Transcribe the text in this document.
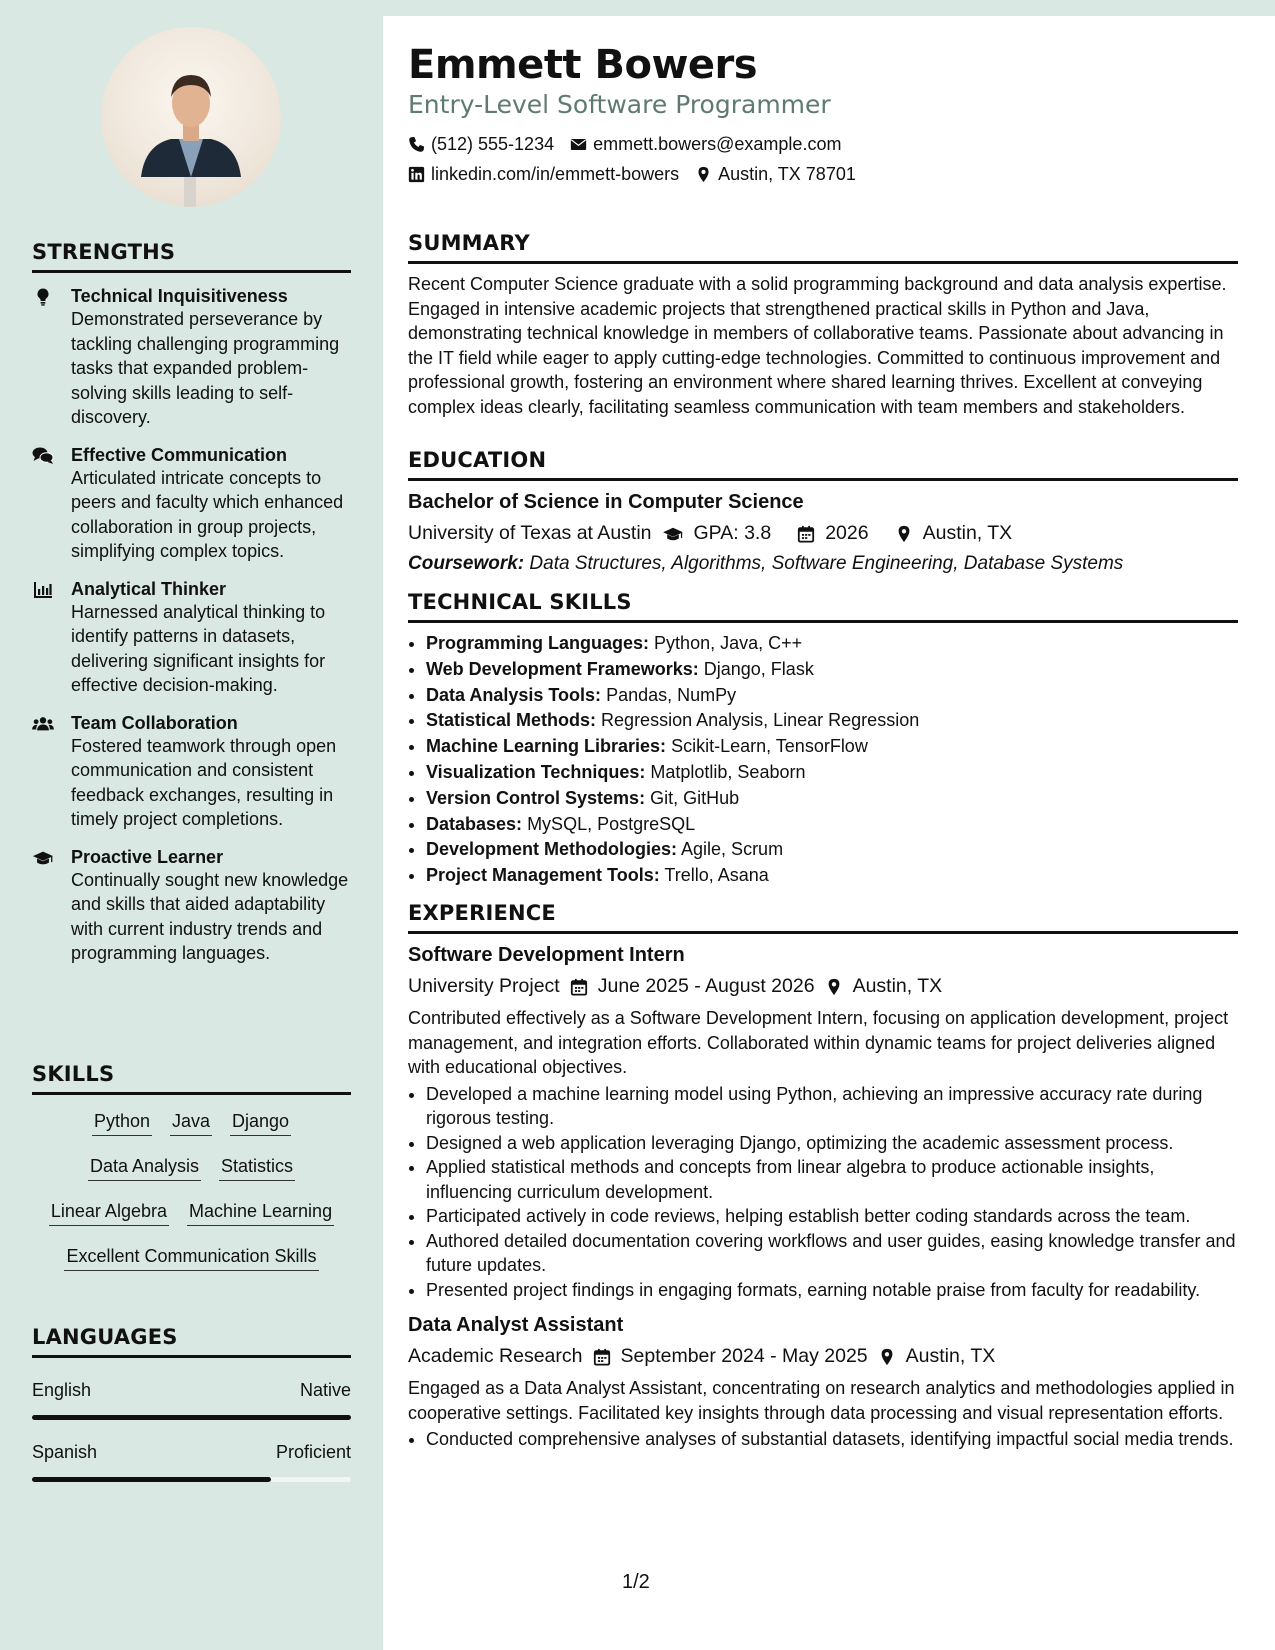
STRENGTHS
Technical Inquisitiveness
Demonstrated perseverance by tackling challenging programming tasks that expanded problem-solving skills leading to self-discovery.
Effective Communication
Articulated intricate concepts to peers and faculty which enhanced collaboration in group projects, simplifying complex topics.
Analytical Thinker
Harnessed analytical thinking to identify patterns in datasets, delivering significant insights for effective decision-making.
Team Collaboration
Fostered teamwork through open communication and consistent feedback exchanges, resulting in timely project completions.
Proactive Learner
Continually sought new knowledge and skills that aided adaptability with current industry trends and programming languages.
SKILLS
Python Java Django
Data Analysis Statistics
Linear Algebra Machine Learning
Excellent Communication Skills
LANGUAGES
English	Native
Spanish	Proficient
Emmett Bowers
Entry-Level Software Programmer
(512) 555-1234 emmett.bowers@example.com
linkedin.com/in/emmett-bowers Austin, TX 78701
SUMMARY

Recent Computer Science graduate with a solid programming background and data analysis expertise. Engaged in intensive academic projects that strengthened practical skills in Python and Java, demonstrating technical knowledge in members of collaborative teams. Passionate about advancing in the IT field while eager to apply cutting-edge technologies. Committed to continuous improvement and professional growth, fostering an environment where shared learning thrives. Excellent at conveying complex ideas clearly, facilitating seamless communication with team members and stakeholders.

EDUCATION
Bachelor of Science in Computer Science
University of Texas at Austin GPA: 3.8	2026	Austin, TX
Coursework: Data Structures, Algorithms, Software Engineering, Database Systems
TECHNICAL SKILLS
• Programming Languages: Python, Java, C++
• Web Development Frameworks: Django, Flask
• Data Analysis Tools: Pandas, NumPy
• Statistical Methods: Regression Analysis, Linear Regression
• Machine Learning Libraries: Scikit-Learn, TensorFlow
• Visualization Techniques: Matplotlib, Seaborn
• Version Control Systems: Git, GitHub
• Databases: MySQL, PostgreSQL
• Development Methodologies: Agile, Scrum
• Project Management Tools: Trello, Asana
EXPERIENCE
Software Development Intern
University Project June 2025 - August 2026 Austin, TX

Contributed effectively as a Software Development Intern, focusing on application development, project management, and integration efforts. Collaborated within dynamic teams for project deliveries aligned with educational objectives.

• Developed a machine learning model using Python, achieving an impressive accuracy rate during rigorous testing.
• Designed a web application leveraging Django, optimizing the academic assessment process.
• Applied statistical methods and concepts from linear algebra to produce actionable insights, influencing curriculum development.
• Participated actively in code reviews, helping establish better coding standards across the team.
• Authored detailed documentation covering workflows and user guides, easing knowledge transfer and future updates.
• Presented project findings in engaging formats, earning notable praise from faculty for readability.
Data Analyst Assistant
Academic Research September 2024 - May 2025 Austin, TX

Engaged as a Data Analyst Assistant, concentrating on research analytics and methodologies applied in cooperative settings. Facilitated key insights through data processing and visual representation efforts.

• Conducted comprehensive analyses of substantial datasets, identifying impactful social media trends.
1/2
